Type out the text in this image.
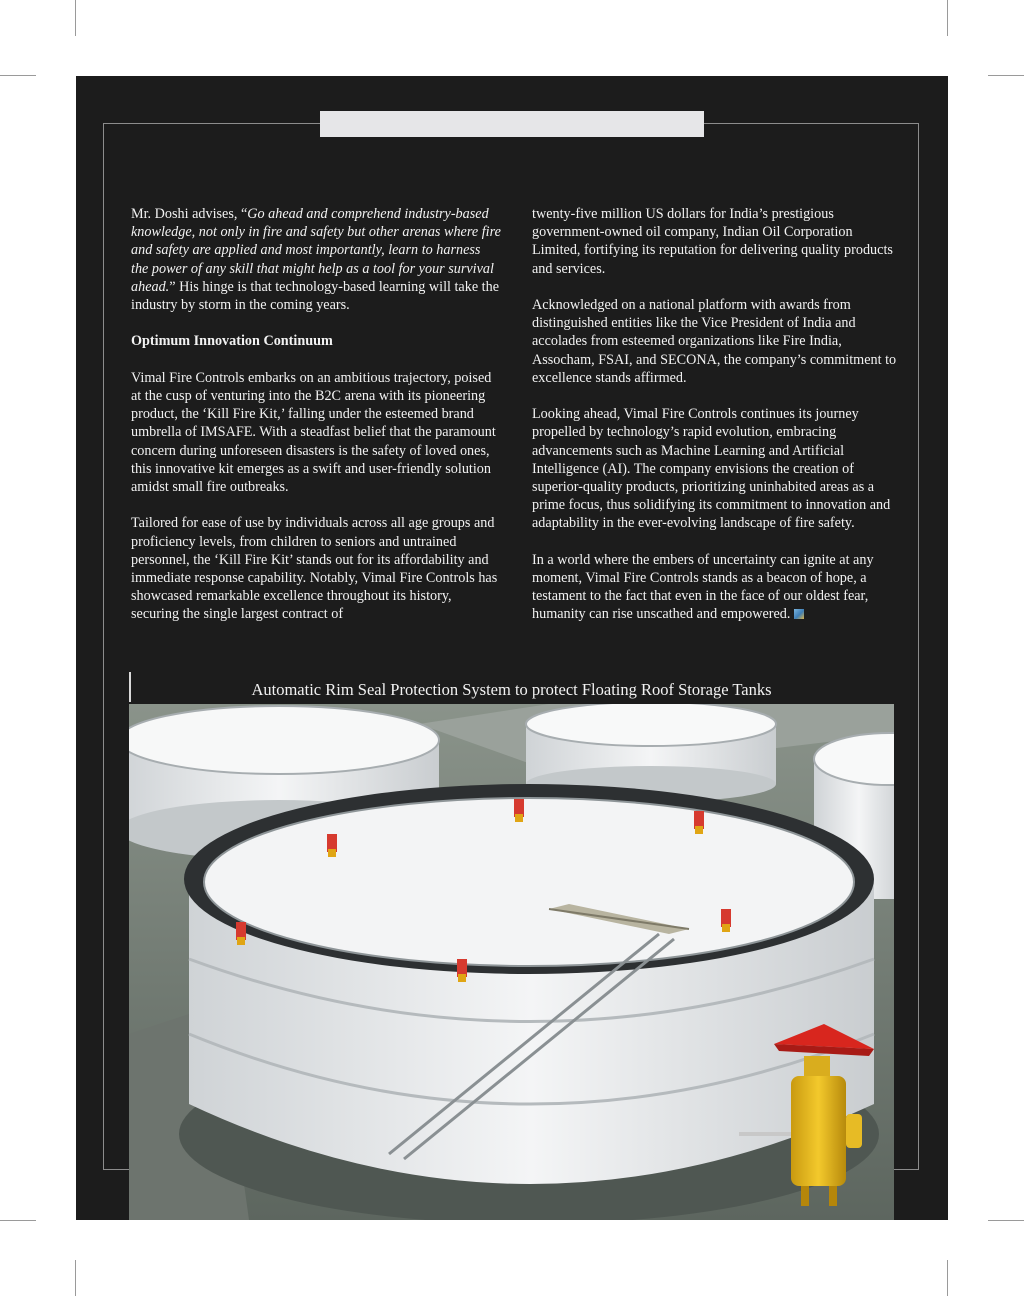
Mr. Doshi advises, “Go ahead and comprehend industry-based knowledge, not only in fire and safety but other arenas where fire and safety are applied and most importantly, learn to harness the power of any skill that might help as a tool for your survival ahead.” His hinge is that technology-based learning will take the industry by storm in the coming years.

Optimum Innovation Continuum

Vimal Fire Controls embarks on an ambitious trajectory, poised at the cusp of venturing into the B2C arena with its pioneering product, the ‘Kill Fire Kit,’ falling under the esteemed brand umbrella of IMSAFE. With a steadfast belief that the paramount concern during unforeseen disasters is the safety of loved ones, this innovative kit emerges as a swift and user-friendly solution amidst small fire outbreaks.

Tailored for ease of use by individuals across all age groups and proficiency levels, from children to seniors and untrained personnel, the ‘Kill Fire Kit’ stands out for its affordability and immediate response capability. Notably, Vimal Fire Controls has showcased remarkable excellence throughout its history, securing the single largest contract of

twenty-five million US dollars for India’s prestigious government-owned oil company, Indian Oil Corporation Limited, fortifying its reputation for delivering quality products and services.

Acknowledged on a national platform with awards from distinguished entities like the Vice President of India and accolades from esteemed organizations like Fire India, Assocham, FSAI, and SECONA, the company’s commitment to excellence stands affirmed.

Looking ahead, Vimal Fire Controls continues its journey propelled by technology’s rapid evolution, embracing advancements such as Machine Learning and Artificial Intelligence (AI). The company envisions the creation of superior-quality products, prioritizing uninhabited areas as a prime focus, thus solidifying its commitment to innovation and adaptability in the ever-evolving landscape of fire safety.

In a world where the embers of uncertainty can ignite at any moment, Vimal Fire Controls stands as a beacon of hope, a testament to the fact that even in the face of our oldest fear, humanity can rise unscathed and empowered.

Automatic Rim Seal Protection System to protect Floating Roof Storage Tanks
